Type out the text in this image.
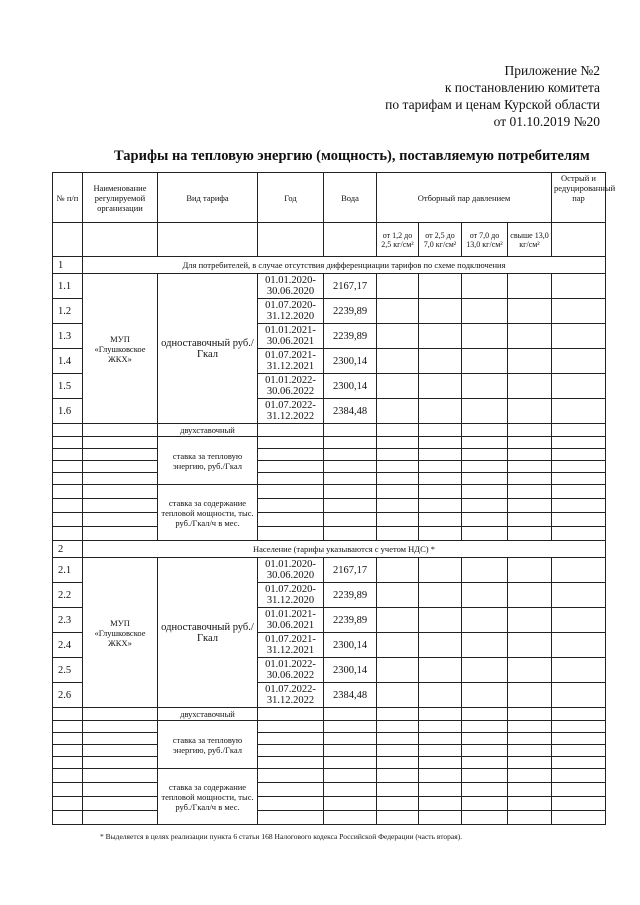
Приложение №2
к постановлению комитета
по тарифам и ценам Курской области
от 01.10.2019 №20
Тарифы на тепловую энергию (мощность), поставляемую потребителям
№ п/п	Наименование регулируемой организации	Вид тарифа	Год	Вода	Отборный пар давлением				Острый и редуцированный пар
					от 1,2 до 2,5 кг/см²	от 2,5 до 7,0 кг/см²	от 7,0 до 13,0 кг/см²	свыше 13,0 кг/см²	
1	Для потребителей, в случае отсутствия дифференциации тарифов по схеме подключения								
1.1	МУП «Глушковское ЖКХ»	одноставочный руб./Гкал	01.01.2020-30.06.2020	2167,17					
1.2			01.07.2020-31.12.2020	2239,89					
1.3			01.01.2021-30.06.2021	2239,89					
1.4			01.07.2021-31.12.2021	2300,14					
1.5			01.01.2022-30.06.2022	2300,14					
1.6			01.07.2022-31.12.2022	2384,48					
		двухставочный							
		ставка за тепловую энергию, руб./Гкал							

		ставка за содержание тепловой мощности, тыс. руб./Гкал/ч в мес.							

2	Население (тарифы указываются с учетом НДС) *								
2.1	МУП «Глушковское ЖКХ»	одноставочный руб./Гкал	01.01.2020-30.06.2020	2167,17					
2.2			01.07.2020-31.12.2020	2239,89					
2.3			01.01.2021-30.06.2021	2239,89					
2.4			01.07.2021-31.12.2021	2300,14					
2.5			01.01.2022-30.06.2022	2300,14					
2.6			01.07.2022-31.12.2022	2384,48					
		двухставочный							
		ставка за тепловую энергию, руб./Гкал							

		ставка за содержание тепловой мощности, тыс. руб./Гкал/ч в мес.							

* Выделяется в целях реализации пункта 6 статьи 168 Налогового кодекса Российской Федерации (часть вторая).
